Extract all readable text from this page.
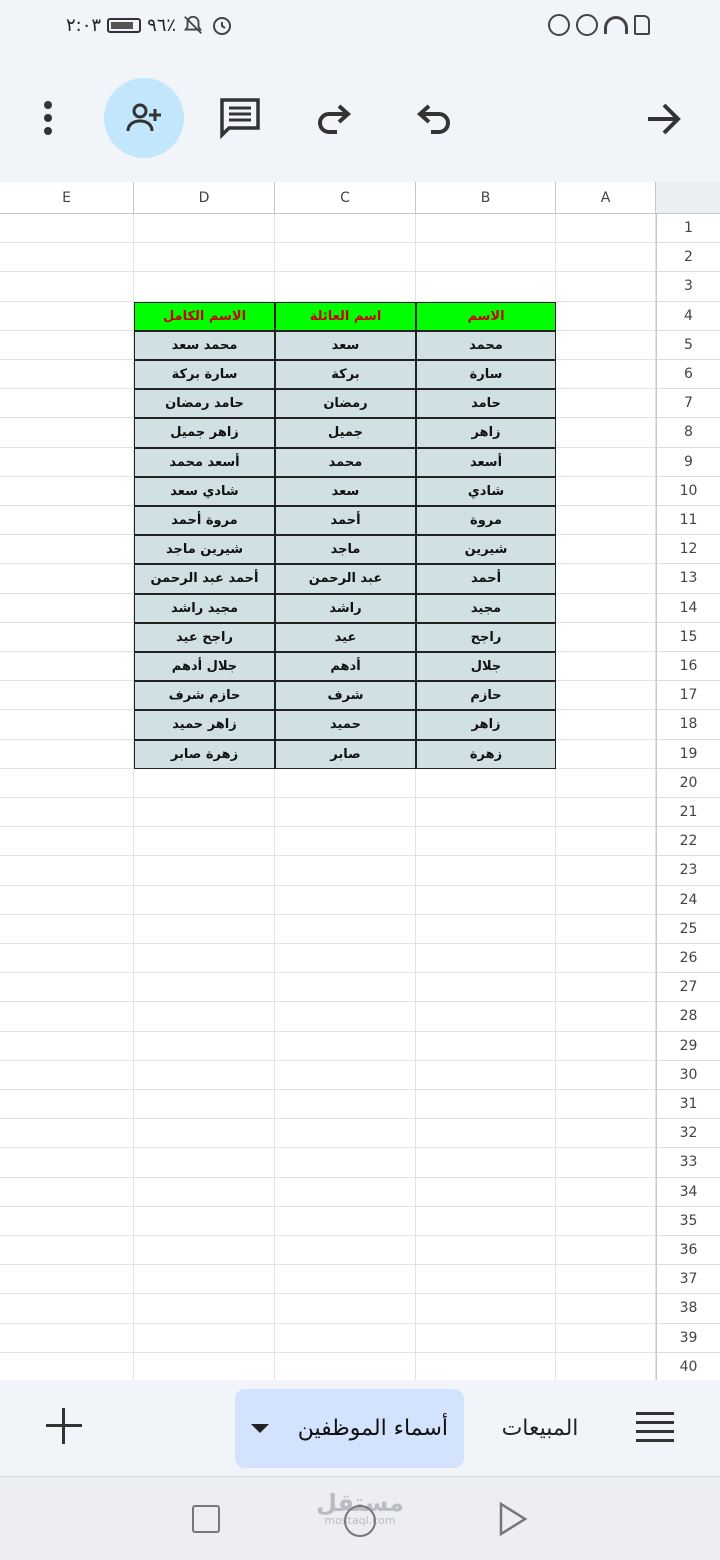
٢:٠٣	٩٦٪
A
B
C
D
E
1
2
3
4
الاسم
اسم العائلة
الاسم الكامل
5
محمد
سعد
محمد سعد
6
سارة
بركة
سارة بركة
7
حامد
رمضان
حامد رمضان
8
زاهر
جميل
زاهر جميل
9
أسعد
محمد
أسعد محمد
10
شادي
سعد
شادي سعد
11
مروة
أحمد
مروة أحمد
12
شيرين
ماجد
شيرين ماجد
13
أحمد
عبد الرحمن
أحمد عبد الرحمن
14
مجيد
راشد
مجيد راشد
15
راجح
عيد
راجح عيد
16
جلال
أدهم
جلال أدهم
17
حازم
شرف
حازم شرف
18
زاهر
حميد
زاهر حميد
19
زهرة
صابر
زهرة صابر
20
21
22
23
24
25
26
27
28
29
30
31
32
33
34
35
36
37
38
39
40
أسماء الموظفين	المبيعات
مستقل
mostaql.com
